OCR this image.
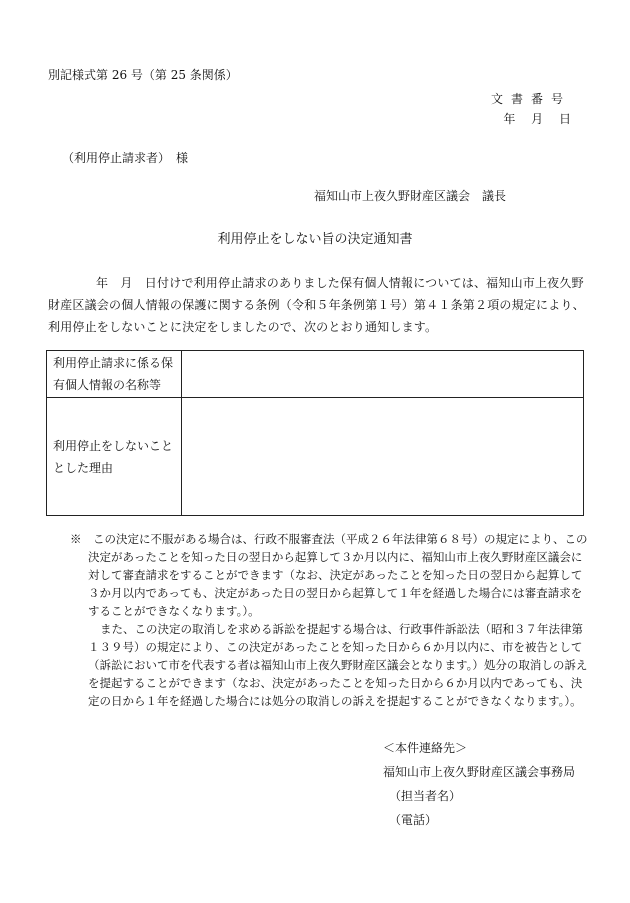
別記様式第 26 号（第 25 条関係）
文書番号
年 月 日
（利用停止請求者）　様
福知山市上夜久野財産区議会　議長
利用停止をしない旨の決定通知書
年　月　日付けで利用停止請求のありました保有個人情報については、福知山市上夜久野財産区議会の個人情報の保護に関する条例（令和５年条例第１号）第４１条第２項の規定により、利用停止をしないことに決定をしましたので、次のとおり通知します。
利用停止請求に係る保有個人情報の名称等	
利用停止をしないこととした理由	

※　 この決定に不服がある場合は、行政不服審査法（平成２６年法律第６８号）の規定により、この決定があったことを知った日の翌日から起算して３か月以内に、福知山市上夜久野財産区議会に対して審査請求をすることができます（なお、決定があったことを知った日の翌日から起算して３か月以内であっても、決定があった日の翌日から起算して１年を経過した場合には審査請求をすることができなくなります。）。

また、この決定の取消しを求める訴訟を提起する場合は、行政事件訴訟法（昭和３７年法律第１３９号）の規定により、この決定があったことを知った日から６か月以内に、市を被告として（訴訟において市を代表する者は福知山市上夜久野財産区議会となります。）処分の取消しの訴えを提起することができます（なお、決定があったことを知った日から６か月以内であっても、決定の日から１年を経過した場合には処分の取消しの訴えを提起することができなくなります。）。

＜本件連絡先＞
福知山市上夜久野財産区議会事務局
（担当者名）
（電話）
